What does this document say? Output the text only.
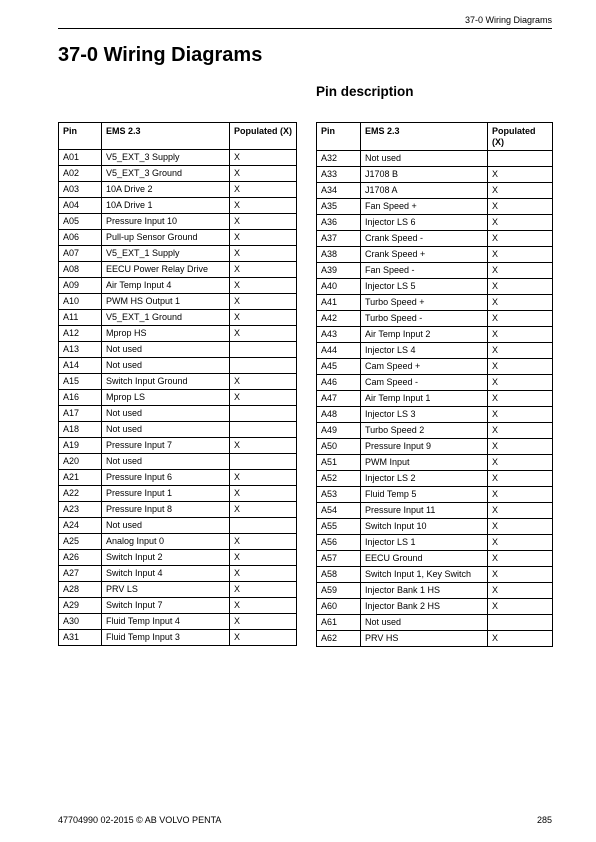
37-0 Wiring Diagrams
37-0 Wiring Diagrams
Pin description
Pin	EMS 2.3	Populated (X)
A01	V5_EXT_3 Supply	X
A02	V5_EXT_3 Ground	X
A03	10A Drive 2	X
A04	10A Drive 1	X
A05	Pressure Input 10	X
A06	Pull-up Sensor Ground	X
A07	V5_EXT_1 Supply	X
A08	EECU Power Relay Drive	X
A09	Air Temp Input 4	X
A10	PWM HS Output 1	X
A11	V5_EXT_1 Ground	X
A12	Mprop HS	X
A13	Not used	
A14	Not used	
A15	Switch Input Ground	X
A16	Mprop LS	X
A17	Not used	
A18	Not used	
A19	Pressure Input 7	X
A20	Not used	
A21	Pressure Input 6	X
A22	Pressure Input 1	X
A23	Pressure Input 8	X
A24	Not used	
A25	Analog Input 0	X
A26	Switch Input 2	X
A27	Switch Input 4	X
A28	PRV LS	X
A29	Switch Input 7	X
A30	Fluid Temp Input 4	X
A31	Fluid Temp Input 3	X
Pin	EMS 2.3	Populated (X)
A32	Not used	
A33	J1708 B	X
A34	J1708 A	X
A35	Fan Speed +	X
A36	Injector LS 6	X
A37	Crank Speed -	X
A38	Crank Speed +	X
A39	Fan Speed -	X
A40	Injector LS 5	X
A41	Turbo Speed +	X
A42	Turbo Speed -	X
A43	Air Temp Input 2	X
A44	Injector LS 4	X
A45	Cam Speed +	X
A46	Cam Speed -	X
A47	Air Temp Input 1	X
A48	Injector LS 3	X
A49	Turbo Speed 2	X
A50	Pressure Input 9	X
A51	PWM Input	X
A52	Injector LS 2	X
A53	Fluid Temp 5	X
A54	Pressure Input 11	X
A55	Switch Input 10	X
A56	Injector LS 1	X
A57	EECU Ground	X
A58	Switch Input 1, Key Switch	X
A59	Injector Bank 1 HS	X
A60	Injector Bank 2 HS	X
A61	Not used	
A62	PRV HS	X
47704990 02-2015 © AB VOLVO PENTA	285
